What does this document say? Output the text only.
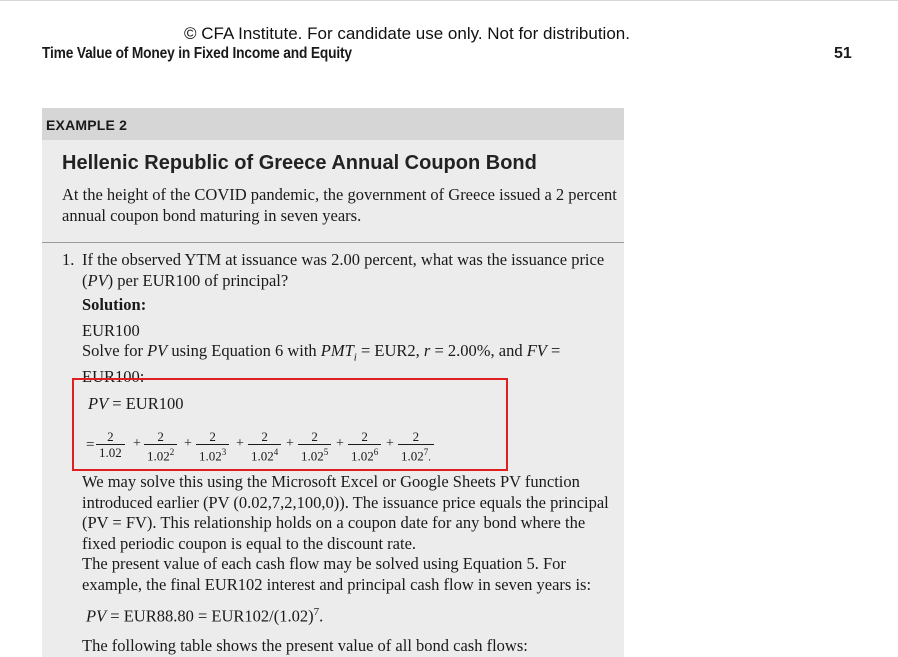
© CFA Institute. For candidate use only. Not for distribution.
Time Value of Money in Fixed Income and Equity	51
EXAMPLE 2
Hellenic Republic of Greece Annual Coupon Bond
At the height of the COVID pandemic, the government of Greece issued a 2 percent annual coupon bond maturing in seven years.
1. If the observed YTM at issuance was 2.00 percent, what was the issuance price (PV) per EUR100 of principal?
Solution:
EUR100
Solve for PV using Equation 6 with $PMT_i = EUR2$, r = 2.00%, and FV = EUR100:
PV = EUR100
= $\frac{2}{1.02} + \frac{2}{1.02^2} + \frac{2}{1.02^3} + \frac{2}{1.02^4} + \frac{2}{1.02^5} + \frac{2}{1.02^6} + \frac{2}{1.02^7.}$
We may solve this using the Microsoft Excel or Google Sheets PV function introduced earlier (PV (0.02,7,2,100,0)). The issuance price equals the principal (PV = FV). This relationship holds on a coupon date for any bond where the fixed periodic coupon is equal to the discount rate.
The present value of each cash flow may be solved using Equation 5. For example, the final EUR102 interest and principal cash flow in seven years is:
PV = $EUR88.80 = EUR102/(1.02)^7$.
The following table shows the present value of all bond cash flows:
